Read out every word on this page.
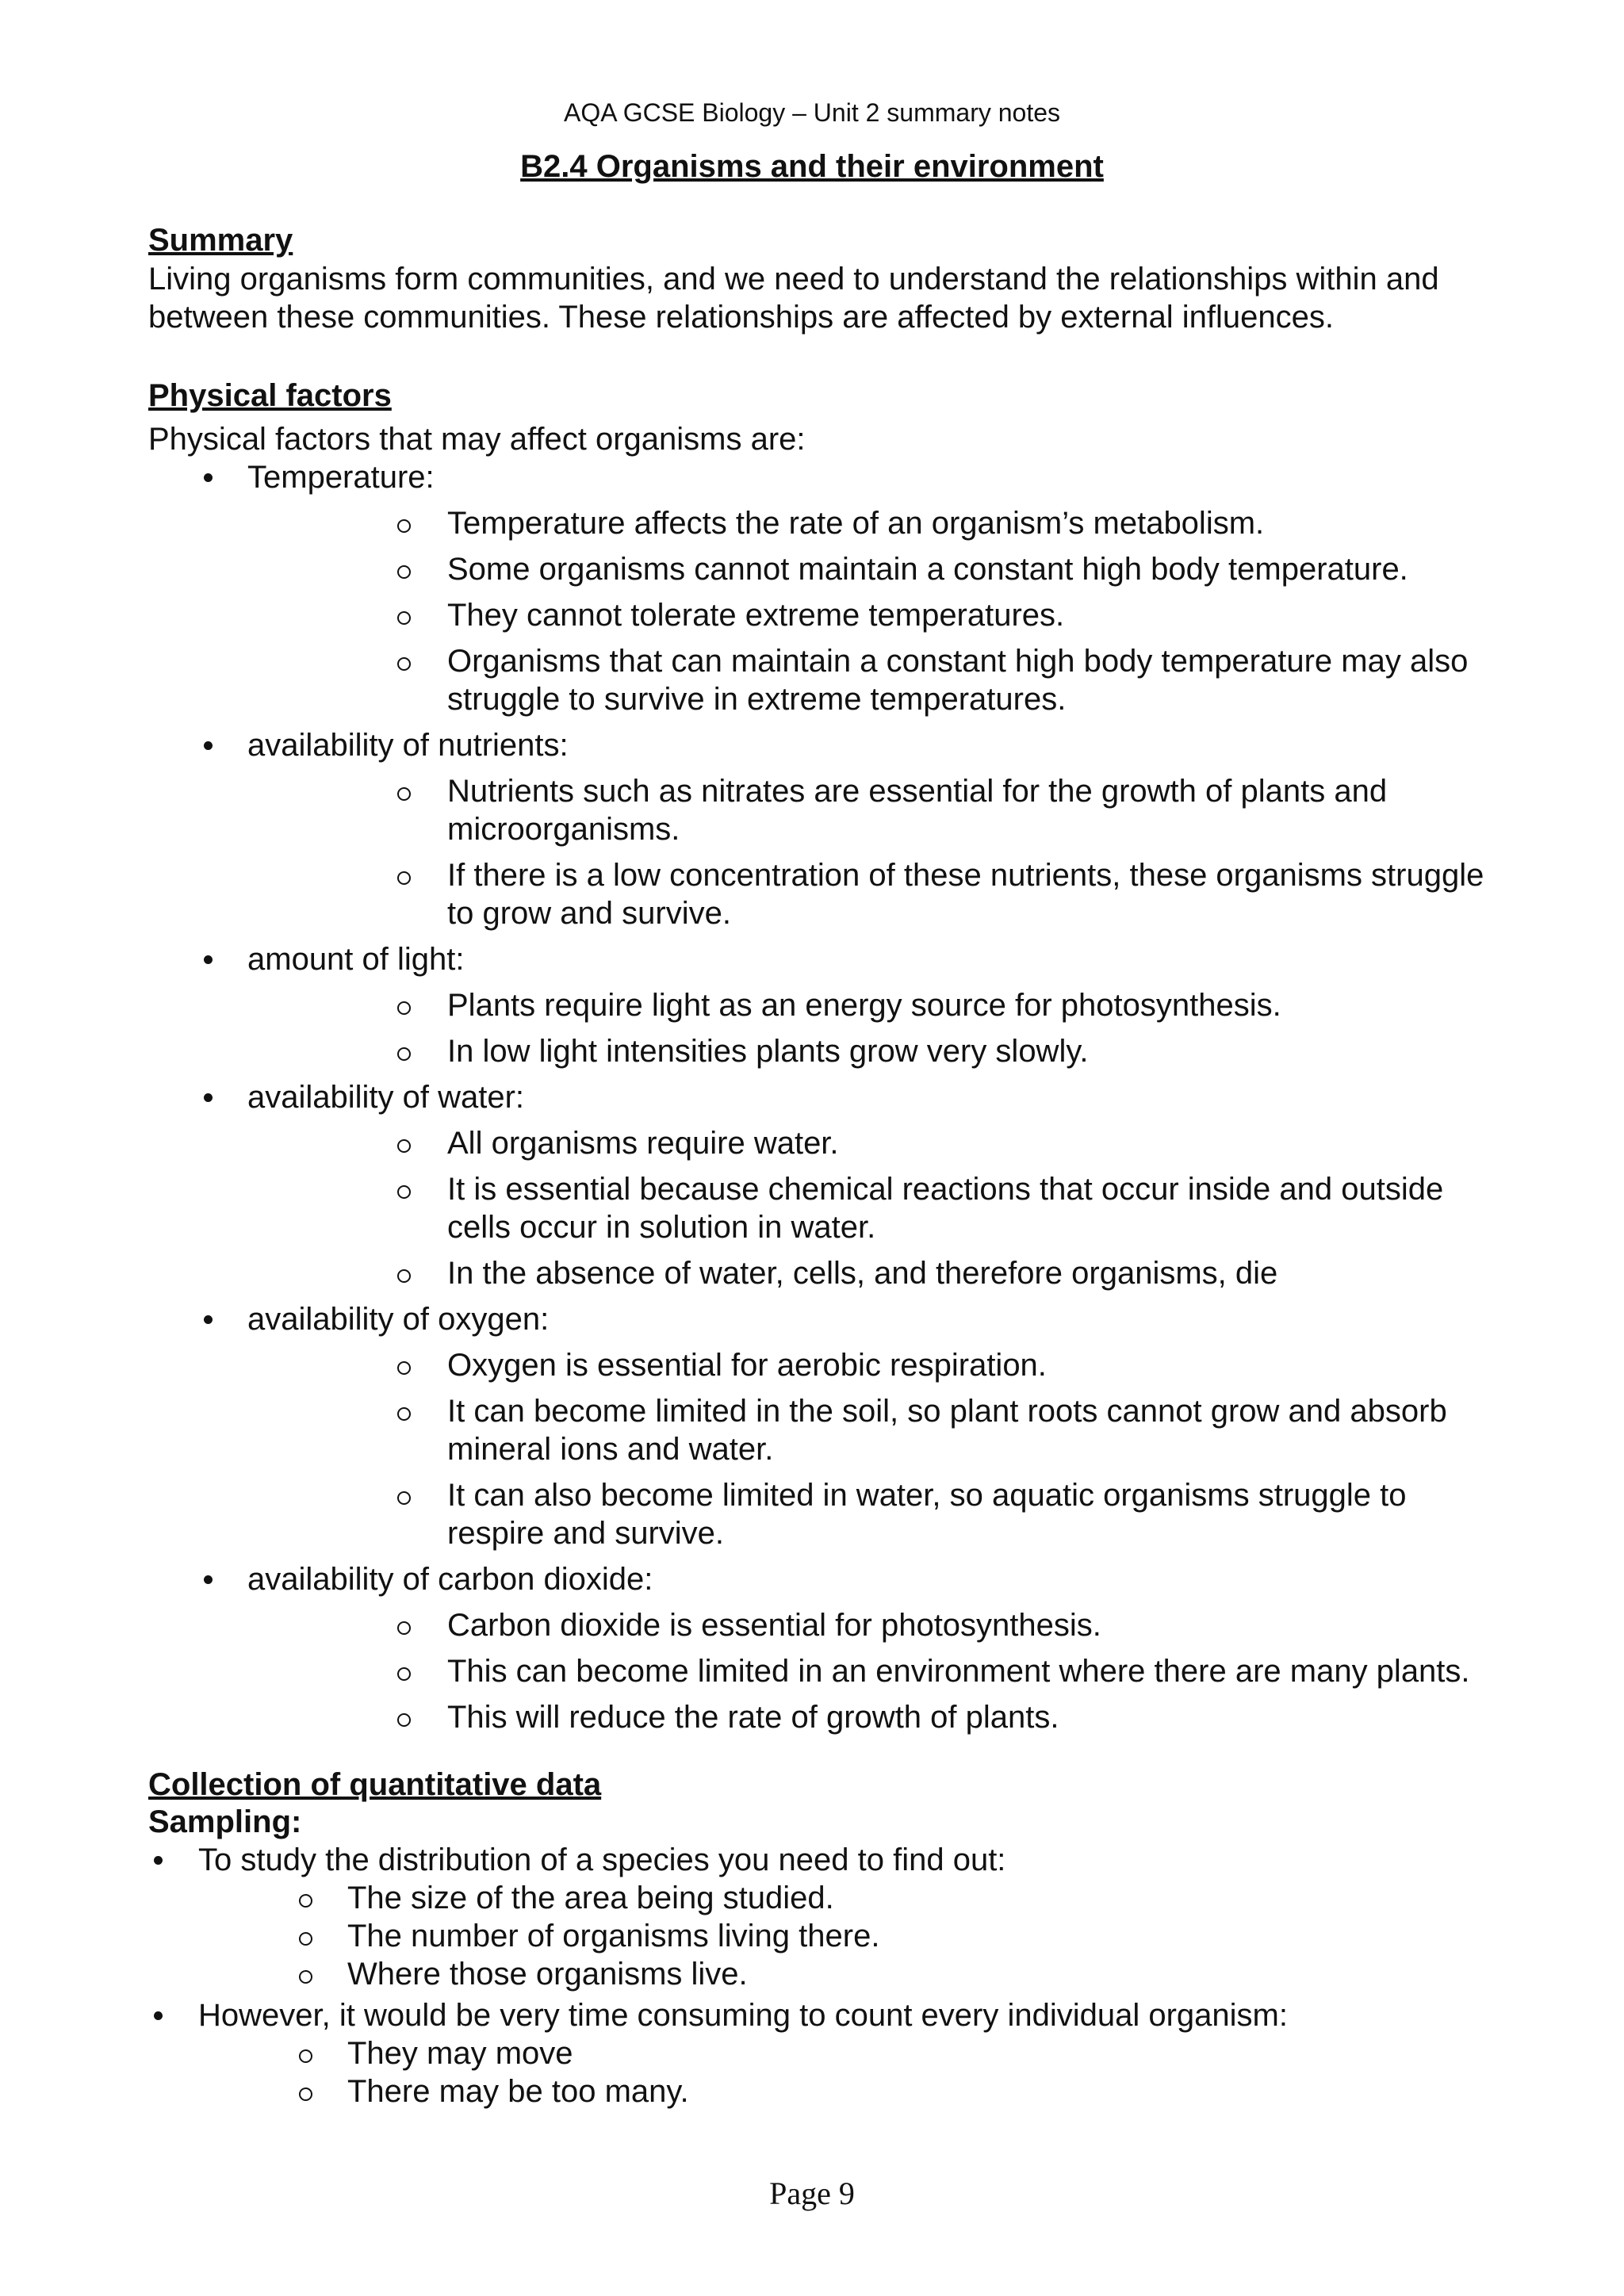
AQA GCSE Biology – Unit 2 summary notes
B2.4 Organisms and their environment
Summary

Living organisms form communities, and we need to understand the relationships within and between these communities. These relationships are affected by external influences.

Physical factors

Physical factors that may affect organisms are:

Temperature:
Temperature affects the rate of an organism’s metabolism.
Some organisms cannot maintain a constant high body temperature.
They cannot tolerate extreme temperatures.
Organisms that can maintain a constant high body temperature may also struggle to survive in extreme temperatures.
availability of nutrients:
Nutrients such as nitrates are essential for the growth of plants and microorganisms.
If there is a low concentration of these nutrients, these organisms struggle to grow and survive.
amount of light:
Plants require light as an energy source for photosynthesis.
In low light intensities plants grow very slowly.
availability of water:
All organisms require water.
It is essential because chemical reactions that occur inside and outside cells occur in solution in water.
In the absence of water, cells, and therefore organisms, die
availability of oxygen:
Oxygen is essential for aerobic respiration.
It can become limited in the soil, so plant roots cannot grow and absorb mineral ions and water.
It can also become limited in water, so aquatic organisms struggle to respire and survive.
availability of carbon dioxide:
Carbon dioxide is essential for photosynthesis.
This can become limited in an environment where there are many plants.
This will reduce the rate of growth of plants.
Collection of quantitative data
Sampling:
To study the distribution of a species you need to find out:
The size of the area being studied.
The number of organisms living there.
Where those organisms live.
However, it would be very time consuming to count every individual organism:
They may move
There may be too many.
Page 9
